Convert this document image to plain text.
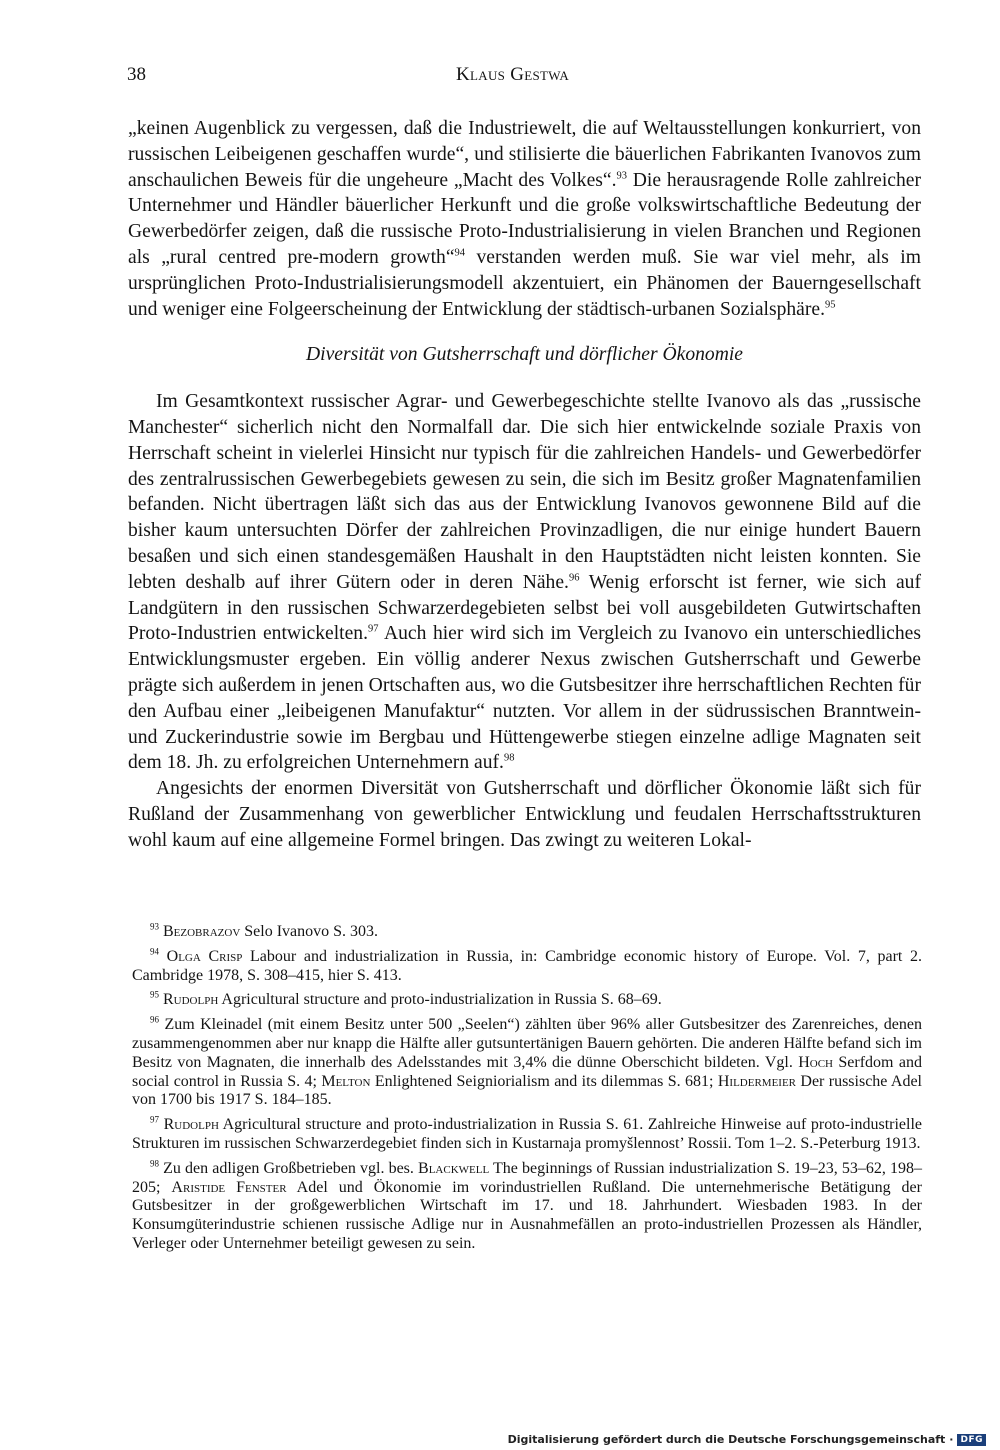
38	Klaus Gestwa

„keinen Augenblick zu vergessen, daß die Industriewelt, die auf Weltausstellungen konkurriert, von russischen Leibeigenen geschaffen wurde“, und stilisierte die bäuerlichen Fabrikanten Ivanovos zum anschaulichen Beweis für die ungeheure „Macht des Volkes“.$^{93}$ Die herausragende Rolle zahlreicher Unternehmer und Händler bäuerlicher Herkunft und die große volkswirtschaftliche Bedeutung der Gewerbedörfer zeigen, daß die russische Proto-Industrialisierung in vielen Branchen und Regionen als „rural centred pre-modern growth“$^{94}$ verstanden werden muß. Sie war viel mehr, als im ursprünglichen Proto-Industrialisierungsmodell akzentuiert, ein Phänomen der Bauerngesellschaft und weniger eine Folgeerscheinung der Entwicklung der städtisch-urbanen Sozialsphäre.$^{95}$

Diversität von Gutsherrschaft und dörflicher Ökonomie

Im Gesamtkontext russischer Agrar- und Gewerbegeschichte stellte Ivanovo als das „russische Manchester“ sicherlich nicht den Normalfall dar. Die sich hier entwickelnde soziale Praxis von Herrschaft scheint in vielerlei Hinsicht nur typisch für die zahlreichen Handels- und Gewerbedörfer des zentralrussischen Gewerbegebiets gewesen zu sein, die sich im Besitz großer Magnatenfamilien befanden. Nicht übertragen läßt sich das aus der Entwicklung Ivanovos gewonnene Bild auf die bisher kaum untersuchten Dörfer der zahlreichen Provinzadligen, die nur einige hundert Bauern besaßen und sich einen standesgemäßen Haushalt in den Hauptstädten nicht leisten konnten. Sie lebten deshalb auf ihrer Gütern oder in deren Nähe.$^{96}$ Wenig erforscht ist ferner, wie sich auf Landgütern in den russischen Schwarzerdegebieten selbst bei voll ausgebildeten Gutwirtschaften Proto-Industrien entwickelten.$^{97}$ Auch hier wird sich im Vergleich zu Ivanovo ein unterschiedliches Entwicklungsmuster ergeben. Ein völlig anderer Nexus zwischen Gutsherrschaft und Gewerbe prägte sich außerdem in jenen Ortschaften aus, wo die Gutsbesitzer ihre herrschaftlichen Rechten für den Aufbau einer „leibeigenen Manufaktur“ nutzten. Vor allem in der südrussischen Branntwein- und Zuckerindustrie sowie im Bergbau und Hüttengewerbe stiegen einzelne adlige Magnaten seit dem 18. Jh. zu erfolgreichen Unternehmern auf.$^{98}$

Angesichts der enormen Diversität von Gutsherrschaft und dörflicher Ökonomie läßt sich für Rußland der Zusammenhang von gewerblicher Entwicklung und feudalen Herrschaftsstrukturen wohl kaum auf eine allgemeine Formel bringen. Das zwingt zu weiteren Lokal-

$^{93}$ Bezobrazov Selo Ivanovo S. 303.

$^{94}$ Olga Crisp Labour and industrialization in Russia, in: Cambridge economic history of Europe. Vol. 7, part 2. Cambridge 1978, S. 308–415, hier S. 413.

$^{95}$ Rudolph Agricultural structure and proto-industrialization in Russia S. 68–69.

$^{96}$ Zum Kleinadel (mit einem Besitz unter 500 „Seelen“) zählten über 96% aller Gutsbesitzer des Zarenreiches, denen zusammengenommen aber nur knapp die Hälfte aller gutsuntertänigen Bauern gehörten. Die anderen Hälfte befand sich im Besitz von Magnaten, die innerhalb des Adelsstandes mit 3,4% die dünne Oberschicht bildeten. Vgl. Hoch Serfdom and social control in Russia S. 4; Melton Enlightened Seigniorialism and its dilemmas S. 681; Hildermeier Der russische Adel von 1700 bis 1917 S. 184–185.

$^{97}$ Rudolph Agricultural structure and proto-industrialization in Russia S. 61. Zahlreiche Hinweise auf proto-industrielle Strukturen im russischen Schwarzerdegebiet finden sich in Kustarnaja promyšlennost’ Rossii. Tom 1–2. S.-Peterburg 1913.

$^{98}$ Zu den adligen Großbetrieben vgl. bes. Blackwell The beginnings of Russian industrialization S. 19–23, 53–62, 198–205; Aristide Fenster Adel und Ökonomie im vorindustriellen Rußland. Die unternehmerische Betätigung der Gutsbesitzer in der großgewerblichen Wirtschaft im 17. und 18. Jahrhundert. Wiesbaden 1983. In der Konsumgüterindustrie schienen russische Adlige nur in Ausnahmefällen an proto-industriellen Prozessen als Händler, Verleger oder Unternehmer beteiligt gewesen zu sein.

Digitalisierung gefördert durch die Deutsche Forschungsgemeinschaft · DFG
